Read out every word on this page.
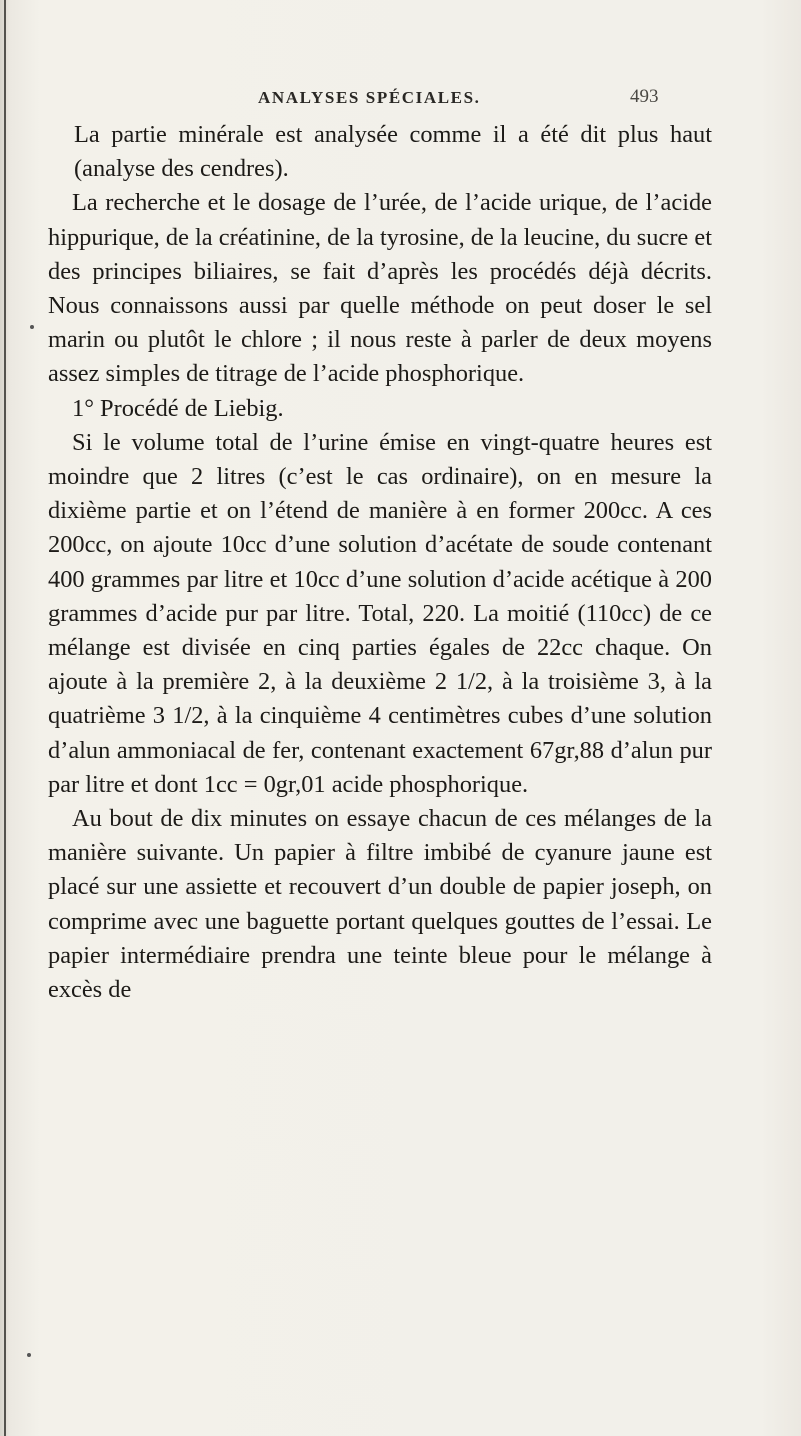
ANALYSES SPÉCIALES.	493

La partie minérale est analysée comme il a été dit plus haut (analyse des cendres).

La recherche et le dosage de l’urée, de l’acide urique, de l’acide hippurique, de la créatinine, de la tyrosine, de la leucine, du sucre et des principes biliaires, se fait d’après les procédés déjà décrits. Nous connaissons aussi par quelle méthode on peut doser le sel marin ou plutôt le chlore ; il nous reste à parler de deux moyens assez simples de titrage de l’acide phosphorique.

1° Procédé de Liebig.

Si le volume total de l’urine émise en vingt-quatre heures est moindre que 2 litres (c’est le cas ordinaire), on en mesure la dixième partie et on l’étend de manière à en former 200cc. A ces 200cc, on ajoute 10cc d’une solution d’acétate de soude contenant 400 grammes par litre et 10cc d’une solution d’acide acétique à 200 grammes d’acide pur par litre. Total, 220. La moitié (110cc) de ce mélange est divisée en cinq parties égales de 22cc chaque. On ajoute à la première 2, à la deuxième 2 1/2, à la troisième 3, à la quatrième 3 1/2, à la cinquième 4 centimètres cubes d’une solution d’alun ammoniacal de fer, contenant exactement 67gr,88 d’alun pur par litre et dont 1cc = 0gr,01 acide phosphorique.

Au bout de dix minutes on essaye chacun de ces mélanges de la manière suivante. Un papier à filtre imbibé de cyanure jaune est placé sur une assiette et recouvert d’un double de papier joseph, on comprime avec une baguette portant quelques gouttes de l’essai. Le papier intermédiaire prendra une teinte bleue pour le mélange à excès de
